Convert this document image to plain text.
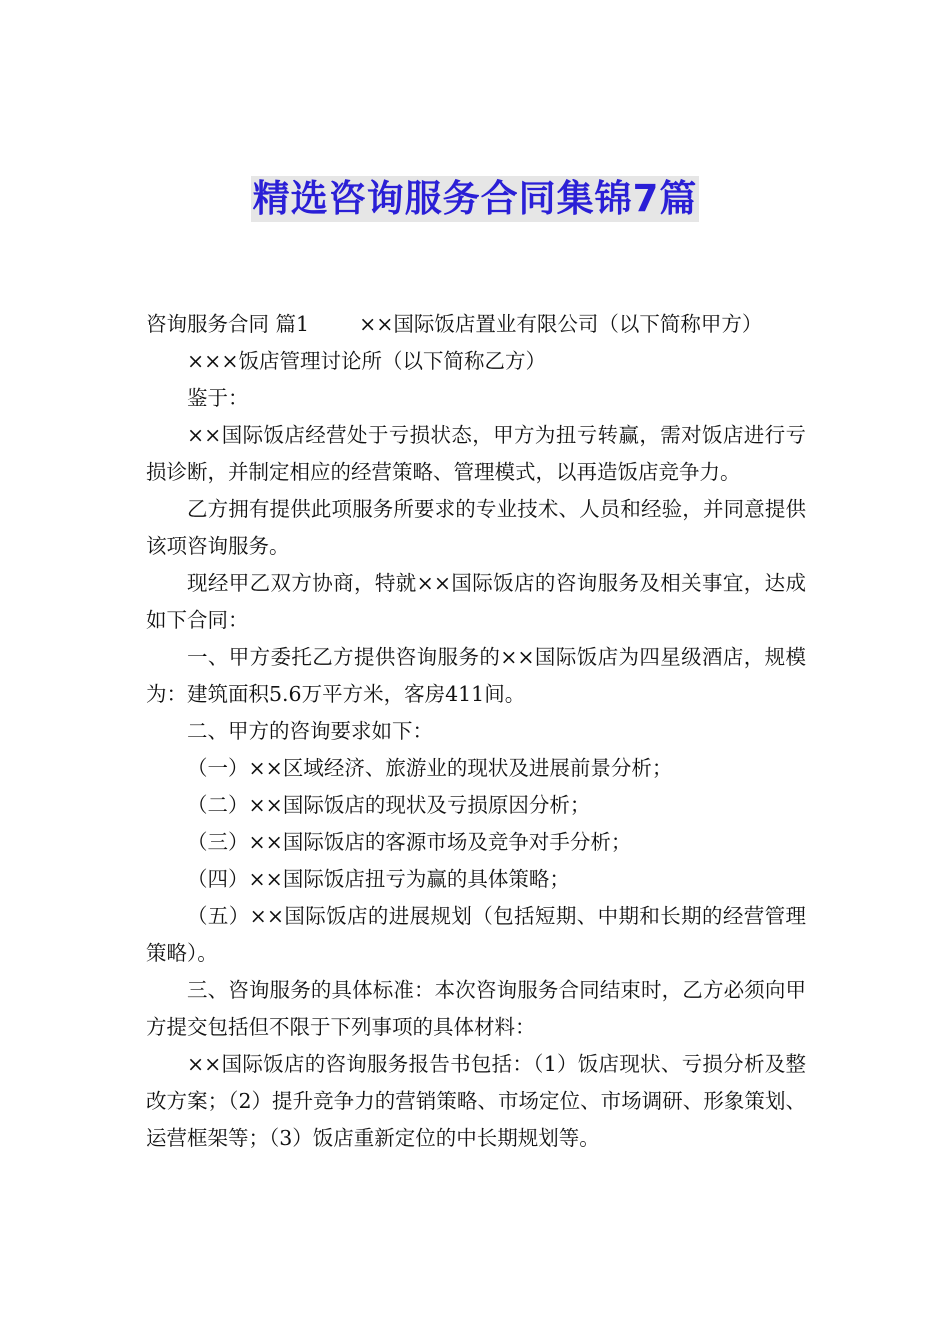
精选咨询服务合同集锦7篇

咨询服务合同 篇1 ××国际饭店置业有限公司（以下简称甲方）

×××饭店管理讨论所（以下简称乙方）

鉴于：

××国际饭店经营处于亏损状态，甲方为扭亏转赢，需对饭店进行亏损诊断，并制定相应的经营策略、管理模式，以再造饭店竞争力。

乙方拥有提供此项服务所要求的专业技术、人员和经验，并同意提供该项咨询服务。

现经甲乙双方协商，特就××国际饭店的咨询服务及相关事宜，达成如下合同：

一、甲方委托乙方提供咨询服务的××国际饭店为四星级酒店，规模为：建筑面积5.6万平方米，客房411间。

二、甲方的咨询要求如下：

（一）××区域经济、旅游业的现状及进展前景分析；

（二）××国际饭店的现状及亏损原因分析；

（三）××国际饭店的客源市场及竞争对手分析；

（四）××国际饭店扭亏为赢的具体策略；

（五）××国际饭店的进展规划（包括短期、中期和长期的经营管理策略）。

三、咨询服务的具体标准：本次咨询服务合同结束时，乙方必须向甲方提交包括但不限于下列事项的具体材料：

××国际饭店的咨询服务报告书包括：（1）饭店现状、亏损分析及整改方案；（2）提升竞争力的营销策略、市场定位、市场调研、形象策划、运营框架等；（3）饭店重新定位的中长期规划等。
